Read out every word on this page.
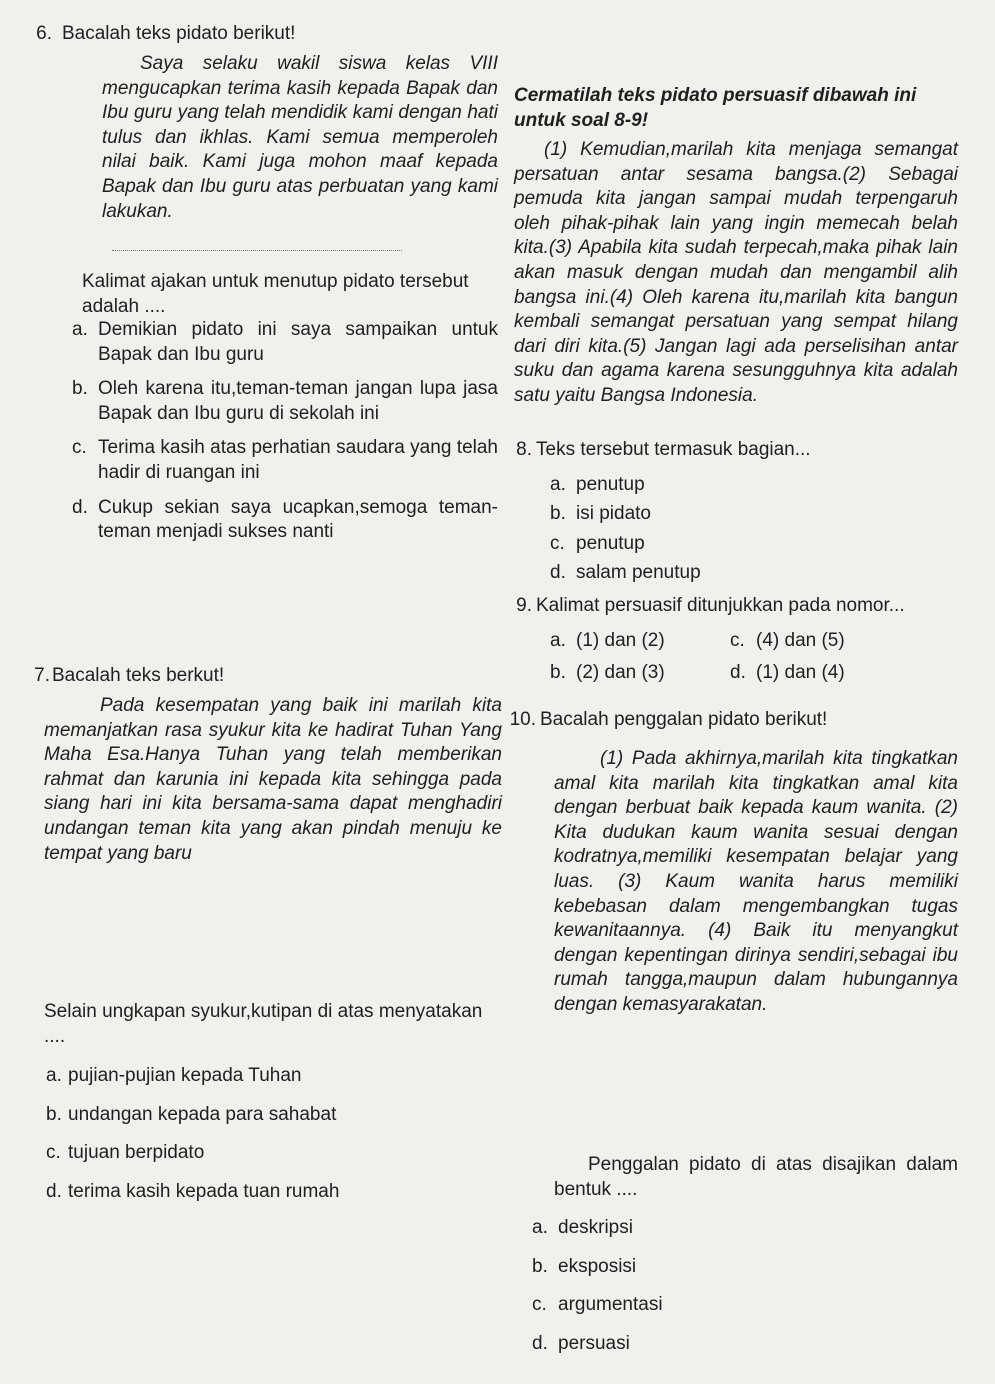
6. Bacalah teks pidato berikut!

Saya selaku wakil siswa kelas VIII mengucapkan terima kasih kepada Bapak dan Ibu guru yang telah mendidik kami dengan hati tulus dan ikhlas. Kami semua memperoleh nilai baik. Kami juga mohon maaf kepada Bapak dan Ibu guru atas perbuatan yang kami lakukan.

Kalimat ajakan untuk menutup pidato tersebut adalah ....

a. Demikian pidato ini saya sampaikan untuk Bapak dan Ibu guru
b. Oleh karena itu,teman-teman jangan lupa jasa Bapak dan Ibu guru di sekolah ini
c. Terima kasih atas perhatian saudara yang telah hadir di ruangan ini
d. Cukup sekian saya ucapkan,semoga teman-teman menjadi sukses nanti
7. Bacalah teks berkut!

Pada kesempatan yang baik ini marilah kita memanjatkan rasa syukur kita ke hadirat Tuhan Yang Maha Esa.Hanya Tuhan yang telah memberikan rahmat dan karunia ini kepada kita sehingga pada siang hari ini kita bersama-sama dapat menghadiri undangan teman kita yang akan pindah menuju ke tempat yang baru

Selain ungkapan syukur,kutipan di atas menyatakan ....

a. pujian-pujian kepada Tuhan
b. undangan kepada para sahabat
c. tujuan berpidato
d. terima kasih kepada tuan rumah

Cermatilah teks pidato persuasif dibawah ini untuk soal 8-9!

(1) Kemudian,marilah kita menjaga semangat persatuan antar sesama bangsa.(2) Sebagai pemuda kita jangan sampai mudah terpengaruh oleh pihak-pihak lain yang ingin memecah belah kita.(3) Apabila kita sudah terpecah,maka pihak lain akan masuk dengan mudah dan mengambil alih bangsa ini.(4) Oleh karena itu,marilah kita bangun kembali semangat persatuan yang sempat hilang dari diri kita.(5) Jangan lagi ada perselisihan antar suku dan agama karena sesungguhnya kita adalah satu yaitu Bangsa Indonesia.

8. Teks tersebut termasuk bagian...

a. penutup
b. isi pidato
c. penutup
d. salam penutup
9. Kalimat persuasif ditunjukkan pada nomor...

a. (1) dan (2)	c. (4) dan (5)
b. (2) dan (3)	d. (1) dan (4)
10. Bacalah penggalan pidato berikut!

(1) Pada akhirnya,marilah kita tingkatkan amal kita marilah kita tingkatkan amal kita dengan berbuat baik kepada kaum wanita. (2) Kita dudukan kaum wanita sesuai dengan kodratnya,memiliki kesempatan belajar yang luas. (3) Kaum wanita harus memiliki kebebasan dalam mengembangkan tugas kewanitaannya. (4) Baik itu menyangkut dengan kepentingan dirinya sendiri,sebagai ibu rumah tangga,maupun dalam hubungannya dengan kemasyarakatan.

Penggalan pidato di atas disajikan dalam bentuk ....

a. deskripsi
b. eksposisi
c. argumentasi
d. persuasi
